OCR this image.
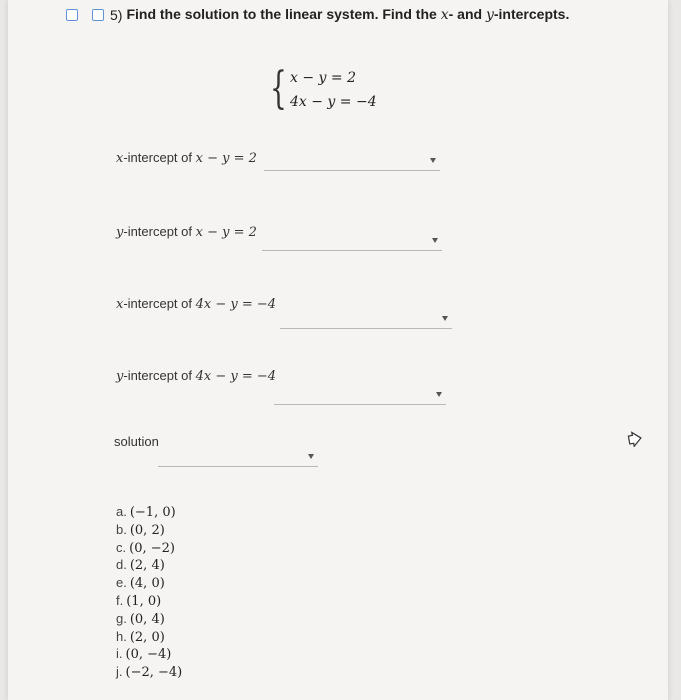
5) Find the solution to the linear system. Find the x- and y-intercepts.
{ x − y = 2
4x − y = −4
x-intercept of x − y = 2
y-intercept of x − y = 2
x-intercept of 4x − y = −4
y-intercept of 4x − y = −4
solution
a. (−1, 0)
b. (0, 2)
c. (0, −2)
d. (2, 4)
e. (4, 0)
f. (1, 0)
g. (0, 4)
h. (2, 0)
i. (0, −4)
j. (−2, −4)
